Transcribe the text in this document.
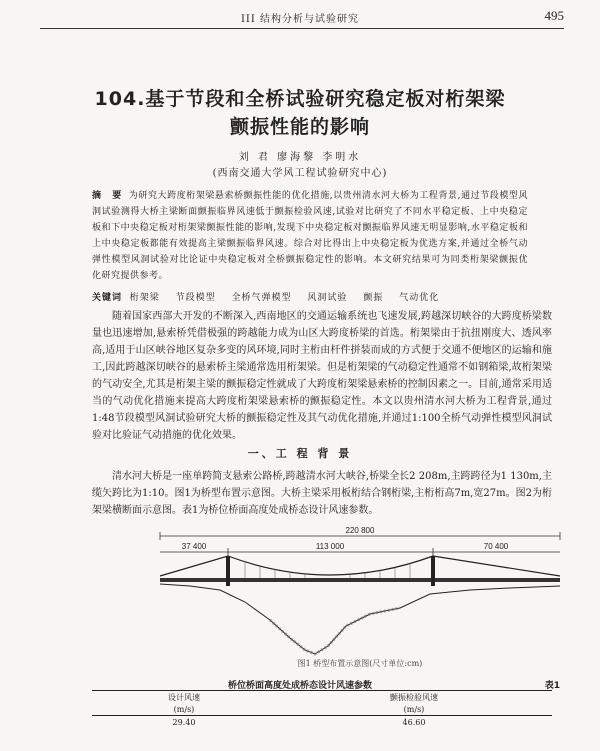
III 结构分析与试验研究	495
104.基于节段和全桥试验研究稳定板对桁架梁
颤振性能的影响
刘 君 廖海黎 李明水
(西南交通大学风工程试验研究中心)
摘 要 为研究大跨度桁架梁悬索桥颤振性能的优化措施,以贵州清水河大桥为工程背景,通过节段模型风洞试验测得大桥主梁断面颤振临界风速低于颤振检验风速,试验对比研究了不同水平稳定板、上中央稳定板和下中央稳定板对桁架梁颤振性能的影响,发现下中央稳定板对颤振临界风速无明显影响,水平稳定板和上中央稳定板都能有效提高主梁颤振临界风速。综合对比得出上中央稳定板为优选方案,并通过全桥气动弹性模型风洞试验对比论证中央稳定板对全桥颤振稳定性的影响。本文研究结果可为同类桁架梁颤振优化研究提供参考。
关键词 桁架梁 节段模型 全桥气弹模型 风洞试验 颤振 气动优化
随着国家西部大开发的不断深入,西南地区的交通运输系统也飞速发展,跨越深切峡谷的大跨度桥梁数量也迅速增加,悬索桥凭借极强的跨越能力成为山区大跨度桥梁的首选。桁架梁由于抗扭刚度大、透风率高,适用于山区峡谷地区复杂多变的风环境,同时主桁由杆件拼装而成的方式便于交通不便地区的运输和施工,因此跨越深切峡谷的悬索桥主梁通常选用桁架梁。但是桁架梁的气动稳定性通常不如钢箱梁,故桁架梁的气动安全,尤其是桁架主梁的颤振稳定性就成了大跨度桁架梁悬索桥的控制因素之一。目前,通常采用适当的气动优化措施来提高大跨度桁架梁悬索桥的颤振稳定性。本文以贵州清水河大桥为工程背景,通过1:48节段模型风洞试验研究大桥的颤振稳定性及其气动优化措施,并通过1:100全桥气动弹性模型风洞试验对比验证气动措施的优化效果。
一、工 程 背 景
清水河大桥是一座单跨简支悬索公路桥,跨越清水河大峡谷,桥梁全长2 208m,主跨跨径为1 130m,主缆矢跨比为1:10。图1为桥型布置示意图。大桥主梁采用板桁结合钢桁梁,主桁桁高7m,宽27m。图2为桁架梁横断面示意图。表1为桥位桥面高度处成桥态设计风速参数。
220 800
37 400	113 000	70 400
图1 桥型布置示意图(尺寸单位:cm)
桥位桥面高度处成桥态设计风速参数	表1
设计风速	颤振检验风速
(m/s)	(m/s)
29.40	46.60
